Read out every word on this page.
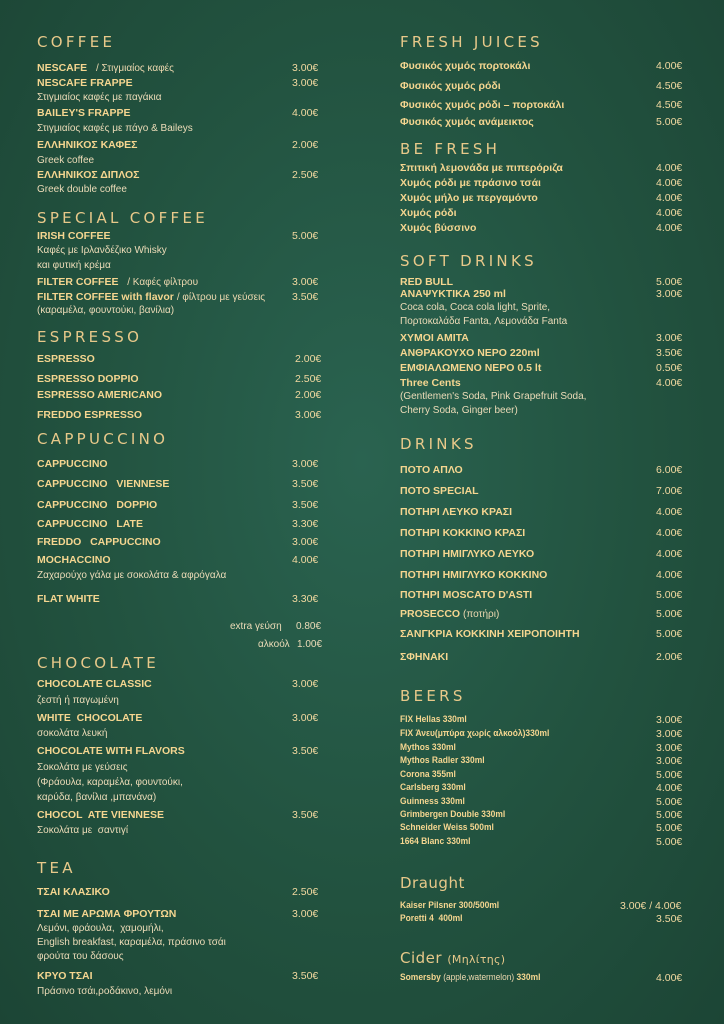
COFFEE
NESCAFE / Στιγμιαίος καφές	3.00€
NESCAFE FRAPPE	3.00€
Στιγμιαίος καφές με παγάκια
BAILEY'S FRAPPE	4.00€
Στιγμιαίος καφές με πάγο & Baileys
ΕΛΛΗΝΙΚΟΣ ΚΑΦΕΣ	2.00€
Greek coffee
ΕΛΛΗΝΙΚΟΣ ΔΙΠΛΟΣ	2.50€
Greek double coffee
SPECIAL COFFEE
IRISH COFFEE	5.00€
Καφές με Ιρλανδέζικο Whisky
και φυτική κρέμα
FILTER COFFEE / Καφές φίλτρου	3.00€
FILTER COFFEE with flavor / φίλτρου με γεύσεις	3.50€
(καραμέλα, φουντούκι, βανίλια)
ESPRESSO
ESPRESSO	2.00€
ESPRESSO DOPPIO	2.50€
ESPRESSO AMERICANO	2.00€
FREDDO ESPRESSO	3.00€
CAPPUCCINO
CAPPUCCINO	3.00€
CAPPUCCINO   VIENNESE	3.50€
CAPPUCCINO   DOPPIO	3.50€
CAPPUCCINO   LATE	3.30€
FREDDO   CAPPUCCINO	3.00€
MOCHACCINO	4.00€
Ζαχαρούχο γάλα με σοκολάτα & αφρόγαλα
FLAT WHITE	3.30€
extra γεύση 0.80€
αλκοόλ 1.00€
CHOCOLATE
CHOCOLATE CLASSIC	3.00€
ζεστή ή παγωμένη
WHITE  CHOCOLATE	3.00€
σοκολάτα λευκή
CHOCOLATE WITH FLAVORS	3.50€
Σοκολάτα με γεύσεις
(Φράουλα, καραμέλα, φουντούκι,
καρύδα, βανίλια ,μπανάνα)
CHOCOL  ATE VIENNESE	3.50€
Σοκολάτα με  σαντιγί
TEA
ΤΣΑΙ ΚΛΑΣΙΚΟ	2.50€
ΤΣΑΙ ΜΕ ΑΡΩΜΑ ΦΡΟΥΤΩΝ	3.00€
Λεμόνι, φράουλα,  χαμομήλι,
English breakfast, καραμέλα, πράσινο τσάι
φρούτα του δάσους
ΚΡΥΟ ΤΣΑΙ	3.50€
Πράσινο τσάι,ροδάκινο, λεμόνι
FRESH JUICES
Φυσικός χυμός πορτοκάλι	4.00€
Φυσικός χυμός ρόδι	4.50€
Φυσικός χυμός ρόδι – πορτοκάλι	4.50€
Φυσικός χυμός ανάμεικτος	5.00€
BE FRESH
Σπιτική λεμονάδα με πιπερόριζα	4.00€
Χυμός ρόδι με πράσινο τσάι	4.00€
Χυμός μήλο με περγαμόντο	4.00€
Χυμός ρόδι	4.00€
Χυμός βύσσινο	4.00€
SOFT DRINKS
RED BULL	5.00€
ΑΝΑΨΥΚΤΙΚΑ 250 ml	3.00€
Coca cola, Coca cola light, Sprite,
Πορτοκαλάδα Fanta, Λεμονάδα Fanta
ΧΥΜΟΙ ΑΜΙΤΑ	3.00€
ΑΝΘΡΑΚΟΥΧΟ ΝΕΡΟ 220ml	3.50€
ΕΜΦΙΑΛΩΜΕΝΟ ΝΕΡΟ 0.5 lt	0.50€
Three Cents	4.00€
(Gentlemen's Soda, Pink Grapefruit Soda,
Cherry Soda, Ginger beer)
DRINKS
ΠΟΤΟ ΑΠΛΟ	6.00€
ΠΟΤΟ SPECIAL	7.00€
ΠΟΤΗΡΙ ΛΕΥΚΟ ΚΡΑΣΙ	4.00€
ΠΟΤΗΡΙ ΚΟΚΚΙΝΟ ΚΡΑΣΙ	4.00€
ΠΟΤΗΡΙ ΗΜΙΓΛΥΚΟ ΛΕΥΚΟ	4.00€
ΠΟΤΗΡΙ ΗΜΙΓΛΥΚΟ ΚΟΚΚΙΝΟ	4.00€
ΠΟΤΗΡΙ MOSCATO D'ASTI	5.00€
PROSECCO (ποτήρι)	5.00€
ΣΑΝΓΚΡΙΑ ΚΟΚΚΙΝΗ ΧΕΙΡΟΠΟΙΗΤΗ	5.00€
ΣΦΗΝΑΚΙ	2.00€
BEERS
FIX Hellas 330ml	3.00€
FIX Άνευ(μπύρα χωρίς αλκοόλ)330ml	3.00€
Mythos 330ml	3.00€
Mythos Radler 330ml	3.00€
Corona 355ml	5.00€
Carlsberg 330ml	4.00€
Guinness 330ml	5.00€
Grimbergen Double 330ml	5.00€
Schneider Weiss 500ml	5.00€
1664 Blanc 330ml	5.00€
Draught
Kaiser Pilsner 300/500ml	3.00€ / 4.00€
Poretti 4  400ml	3.50€
Cider (Μηλίτης)
Somersby (apple,watermelon) 330ml	4.00€
